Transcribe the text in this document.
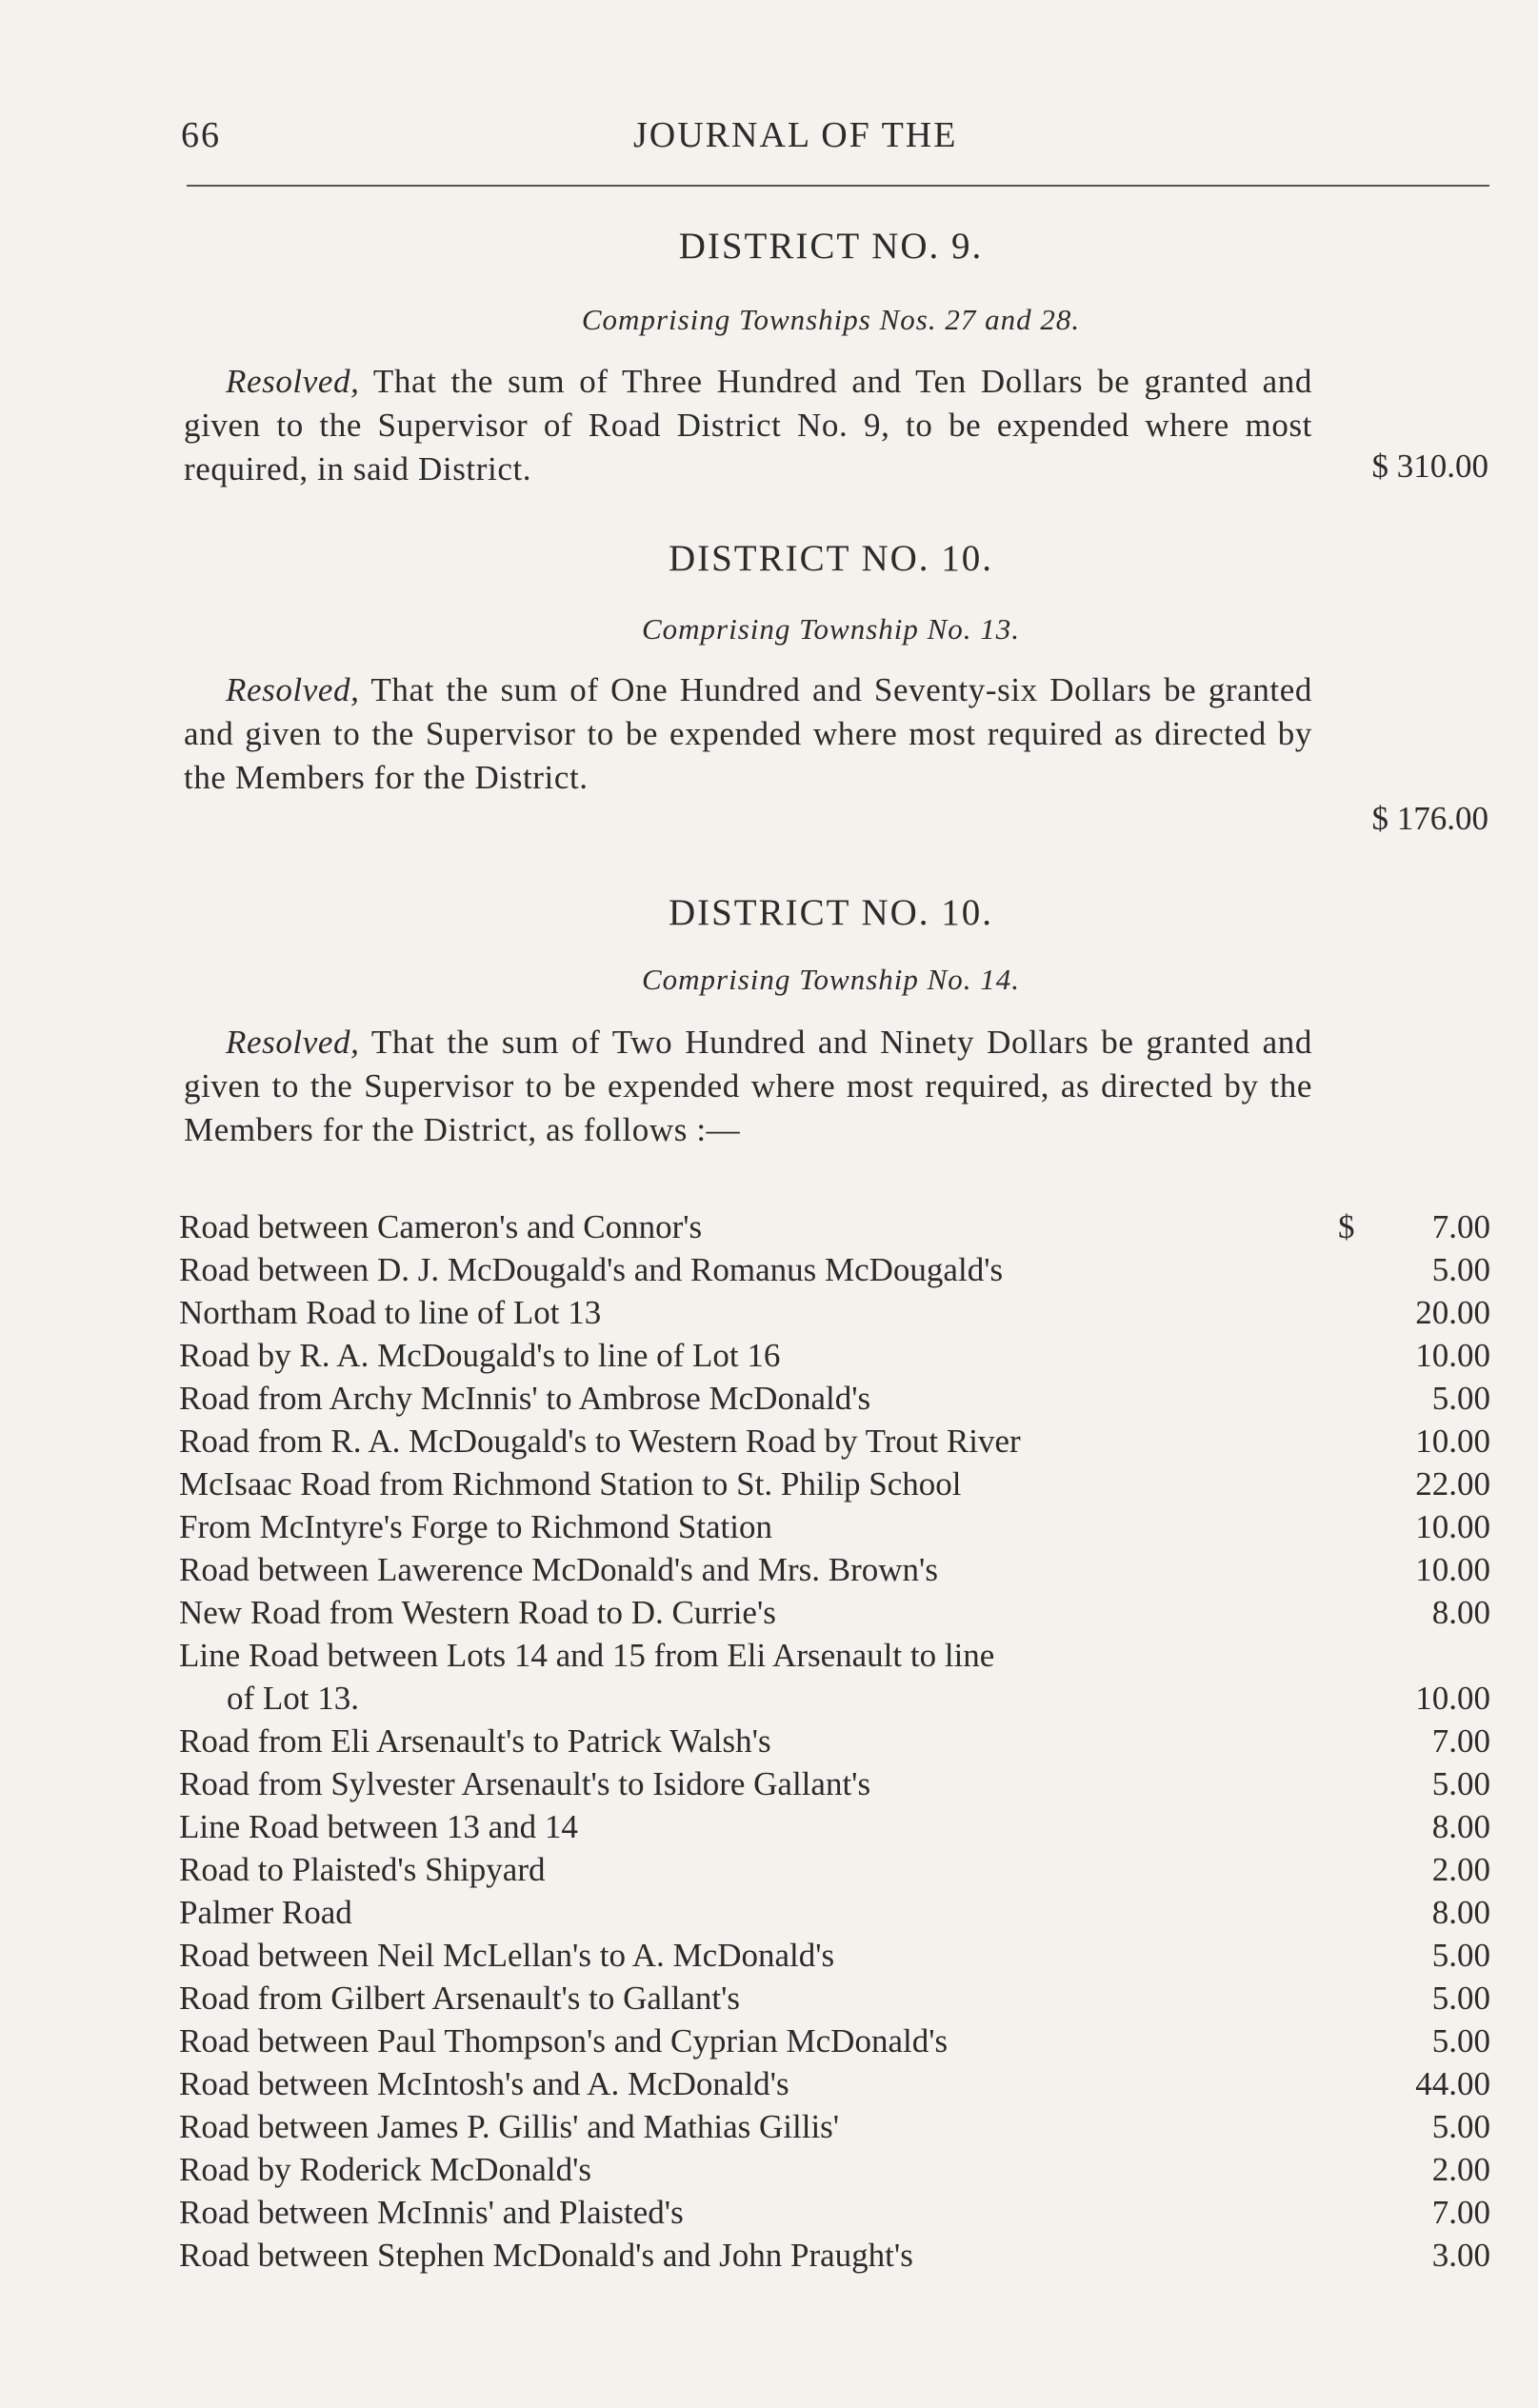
66	JOURNAL OF THE
DISTRICT NO. 9.
Comprising Townships Nos. 27 and 28.
Resolved, That the sum of Three Hundred and Ten Dollars be granted and given to the Supervisor of Road District No. 9, to be expended where most required, in said District.	$ 310.00
DISTRICT NO. 10.
Comprising Township No. 13.
Resolved, That the sum of One Hundred and Seventy-six Dollars be granted and given to the Supervisor to be expended where most required as directed by the Members for the District.
$ 176.00
DISTRICT NO. 10.
Comprising Township No. 14.
Resolved, That the sum of Two Hundred and Ninety Dollars be granted and given to the Supervisor to be expended where most required, as directed by the Members for the District, as follows :—
Road between Cameron's and Connor's	$ 7.00
Road between D. J. McDougald's and Romanus McDougald's	5.00
Northam Road to line of Lot 13	20.00
Road by R. A. McDougald's to line of Lot 16	10.00
Road from Archy McInnis' to Ambrose McDonald's	5.00
Road from R. A. McDougald's to Western Road by Trout River	10.00
McIsaac Road from Richmond Station to St. Philip School	22.00
From McIntyre's Forge to Richmond Station	10.00
Road between Lawerence McDonald's and Mrs. Brown's	10.00
New Road from Western Road to D. Currie's	8.00
Line Road between Lots 14 and 15 from Eli Arsenault to line
of Lot 13.	10.00
Road from Eli Arsenault's to Patrick Walsh's	7.00
Road from Sylvester Arsenault's to Isidore Gallant's	5.00
Line Road between 13 and 14	8.00
Road to Plaisted's Shipyard	2.00
Palmer Road	8.00
Road between Neil McLellan's to A. McDonald's	5.00
Road from Gilbert Arsenault's to Gallant's	5.00
Road between Paul Thompson's and Cyprian McDonald's	5.00
Road between McIntosh's and A. McDonald's	44.00
Road between James P. Gillis' and Mathias Gillis'	5.00
Road by Roderick McDonald's	2.00
Road between McInnis' and Plaisted's	7.00
Road between Stephen McDonald's and John Praught's	3.00
